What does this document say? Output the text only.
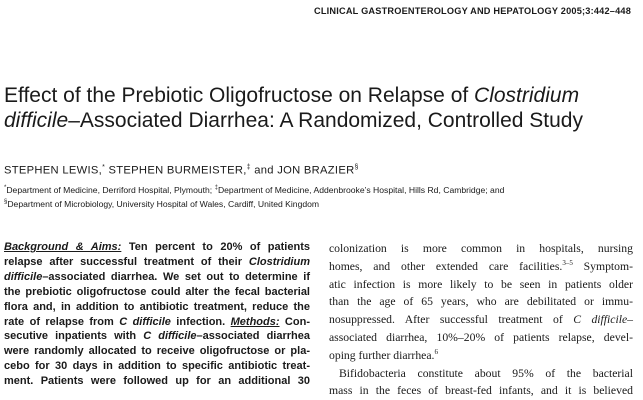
CLINICAL GASTROENTEROLOGY AND HEPATOLOGY 2005;3:442–448
Effect of the Prebiotic Oligofructose on Relapse of Clostridium
difficile–Associated Diarrhea: A Randomized, Controlled Study
STEPHEN LEWIS,* STEPHEN BURMEISTER,‡ and JON BRAZIER§
*Department of Medicine, Derriford Hospital, Plymouth; ‡Department of Medicine, Addenbrooke’s Hospital, Hills Rd, Cambridge; and
§Department of Microbiology, University Hospital of Wales, Cardiff, United Kingdom
Background & Aims: Ten percent to 20% of patients
relapse after successful treatment of their Clostridium
difficile–associated diarrhea. We set out to determine if
the prebiotic oligofructose could alter the fecal bacterial
flora and, in addition to antibiotic treatment, reduce the
rate of relapse from C difficile infection. Methods: Con-
secutive inpatients with C difficile–associated diarrhea
were randomly allocated to receive oligofructose or pla-
cebo for 30 days in addition to specific antibiotic treat-
ment. Patients were followed up for an additional 30
colonization is more common in hospitals, nursing
homes, and other extended care facilities.$^{3-5}$ Symptom-
atic infection is more likely to be seen in patients older
than the age of 65 years, who are debilitated or immu-
nosuppressed. After successful treatment of C difficile–
associated diarrhea, 10%–20% of patients relapse, devel-
oping further diarrhea.$^6$
Bifidobacteria constitute about 95% of the bacterial
mass in the feces of breast-fed infants, and it is believed
